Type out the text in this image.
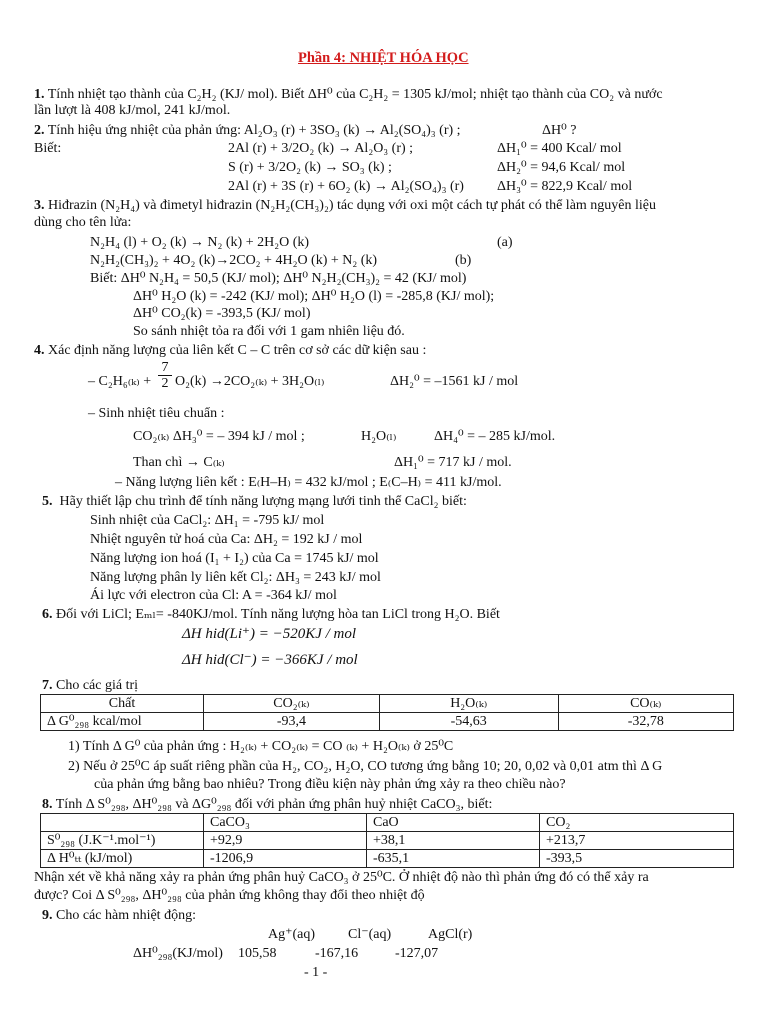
Phần 4: NHIỆT HÓA HỌC
1. Tính nhiệt tạo thành của C₂H₂ (KJ/ mol). Biết ΔH⁰ của C₂H₂ = 1305 kJ/mol; nhiệt tạo thành của CO₂ và nước
lần lượt là 408 kJ/mol, 241 kJ/mol.
2. Tính hiệu ứng nhiệt của phản ứng: Al₂O₃ (r) + 3SO₃ (k) → Al₂(SO₄)₃ (r) ;	ΔH⁰ ?
Biết:	2Al (r) + 3/2O₂ (k) → Al₂O₃ (r) ;	ΔH₁⁰ = 400 Kcal/ mol
S (r) + 3/2O₂ (k) → SO₃ (k) ;	ΔH₂⁰ = 94,6 Kcal/ mol
2Al (r) + 3S (r) + 6O₂ (k) → Al₂(SO₄)₃ (r) ΔH₃⁰ = 822,9 Kcal/ mol
3. Hiđrazin (N₂H₄) và đimetyl hiđrazin (N₂H₂(CH₃)₂) tác dụng với oxi một cách tự phát có thể làm nguyên liệu
dùng cho tên lửa:
N₂H₄ (l) + O₂ (k) → N₂ (k) + 2H₂O (k)	(a)
N₂H₂(CH₃)₂ + 4O₂ (k)→2CO₂ + 4H₂O (k) + N₂ (k)	(b)
Biết: ΔH⁰ N₂H₄ = 50,5 (KJ/ mol); ΔH⁰ N₂H₂(CH₃)₂ = 42 (KJ/ mol)
ΔH⁰ H₂O (k) = -242 (KJ/ mol); ΔH⁰ H₂O (l) = -285,8 (KJ/ mol);
ΔH⁰ CO₂(k) = -393,5 (KJ/ mol)
So sánh nhiệt tỏa ra đối với 1 gam nhiên liệu đó.
4. Xác định năng lượng của liên kết C – C trên cơ sở các dữ kiện sau :
– C₂H₆₍ₖ₎ +
7
2 O₂(k) →2CO₂₍ₖ₎ + 3H₂O₍ₗ₎	ΔH₂⁰ = –1561 kJ / mol
– Sinh nhiệt tiêu chuẩn :
CO₂₍ₖ₎ ΔH₃⁰ = – 394 kJ / mol ;	H₂O₍ₗ₎	ΔH₄⁰ = – 285 kJ/mol.
Than chì → C₍ₖ₎	ΔH₁⁰ = 717 kJ / mol.
– Năng lượng liên kết : E₍H–H₎ = 432 kJ/mol ; E₍C–H₎ = 411 kJ/mol.
5. Hãy thiết lập chu trình để tính năng lượng mạng lưới tinh thể CaCl₂ biết:
Sinh nhiệt của CaCl₂: ΔH₁ = -795 kJ/ mol
Nhiệt nguyên tử hoá của Ca: ΔH₂ = 192 kJ / mol
Năng lượng ion hoá (I₁ + I₂) của Ca = 1745 kJ/ mol
Năng lượng phân ly liên kết Cl₂: ΔH₃ = 243 kJ/ mol
Ái lực với electron của Cl: A = -364 kJ/ mol
6. Đối với LiCl; Eₘₗ= -840KJ/mol. Tính năng lượng hòa tan LiCl trong H₂O. Biết
ΔH hid(Li⁺) = −520KJ / mol
ΔH hid(Cl⁻) = −366KJ / mol
7. Cho các giá trị
Chất	CO₂₍ₖ₎	H₂O₍ₖ₎	CO₍ₖ₎
Δ G⁰₂₉₈ kcal/mol	-93,4	-54,63	-32,78
1) Tính Δ G⁰ của phản ứng : H₂₍ₖ₎ + CO₂₍ₖ₎ = CO ₍ₖ₎ + H₂O₍ₖ₎ ở 25⁰C
2) Nếu ở 25⁰C áp suất riêng phần của H₂, CO₂, H₂O, CO tương ứng bằng 10; 20, 0,02 và 0,01 atm thì Δ G
của phản ứng bằng bao nhiêu? Trong điều kiện này phản ứng xảy ra theo chiều nào?
8. Tính Δ S⁰₂₉₈, ΔH⁰₂₉₈ và ΔG⁰₂₉₈ đối với phản ứng phân huỷ nhiệt CaCO₃, biết:
	CaCO₃	CaO	CO₂
S⁰₂₉₈ (J.K⁻¹.mol⁻¹)	+92,9	+38,1	+213,7
Δ H⁰ₜₜ (kJ/mol)	-1206,9	-635,1	-393,5
Nhận xét về khả năng xảy ra phản ứng phân huỷ CaCO₃ ở 25⁰C. Ở nhiệt độ nào thì phản ứng đó có thể xảy ra
được? Coi Δ S⁰₂₉₈, ΔH⁰₂₉₈ của phản ứng không thay đổi theo nhiệt độ
9. Cho các hàm nhiệt động:
Ag⁺(aq) Cl⁻(aq)	AgCl(r)
ΔH⁰₂₉₈(KJ/mol) 105,58	-167,16	-127,07
- 1 -
